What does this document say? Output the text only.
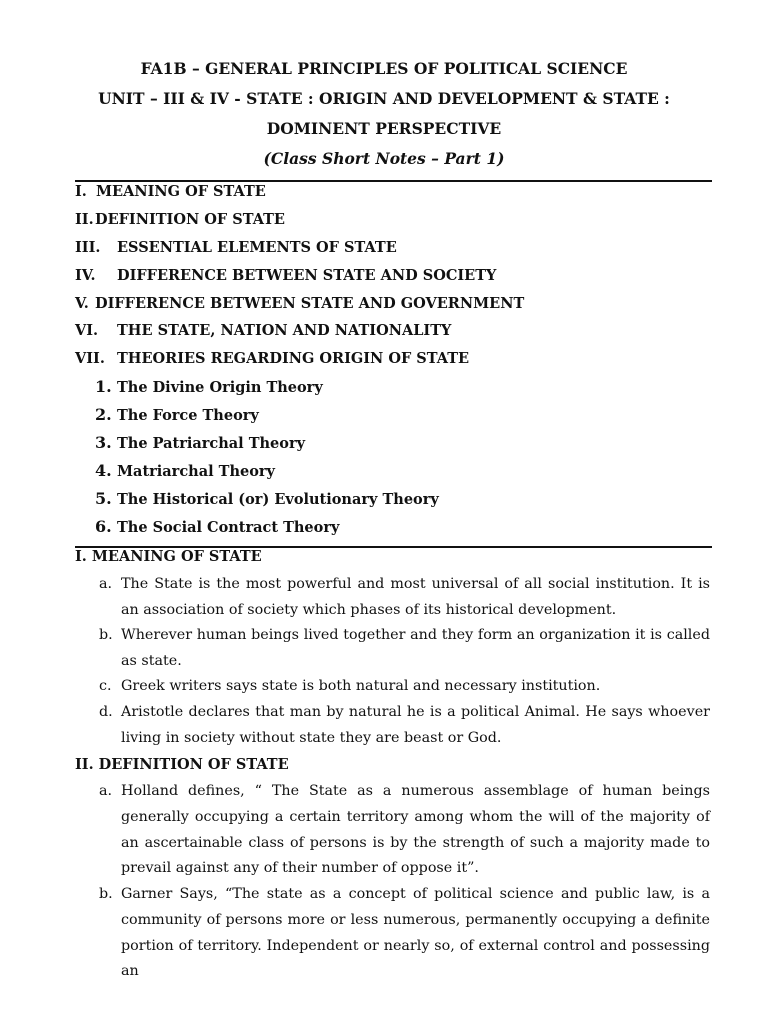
FA1B – GENERAL PRINCIPLES OF POLITICAL SCIENCE
UNIT – III & IV - STATE : ORIGIN AND DEVELOPMENT & STATE :
DOMINENT PERSPECTIVE
(Class Short Notes – Part 1)
I. MEANING OF STATE
II.DEFINITION OF STATE
III. ESSENTIAL ELEMENTS OF STATE
IV. DIFFERENCE BETWEEN STATE AND SOCIETY
V. DIFFERENCE BETWEEN STATE AND GOVERNMENT
VI. THE STATE, NATION AND NATIONALITY
VII. THEORIES REGARDING ORIGIN OF STATE
1. The Divine Origin Theory
2. The Force Theory
3. The Patriarchal Theory
4. Matriarchal Theory
5. The Historical (or) Evolutionary Theory
6. The Social Contract Theory
I. MEANING OF STATE
a. The State is the most powerful and most universal of all social institution. It is an association of society which phases of its historical development.
b. Wherever human beings lived together and they form an organization it is called as state.
c. Greek writers says state is both natural and necessary institution.
d. Aristotle declares that man by natural he is a political Animal. He says whoever living in society without state they are beast or God.
II. DEFINITION OF STATE
a. Holland defines, “ The State as a numerous assemblage of human beings generally occupying a certain territory among whom the will of the majority of an ascertainable class of persons is by the strength of such a majority made to prevail against any of their number of oppose it”.
b. Garner Says, “The state as a concept of political science and public law, is a community of persons more or less numerous, permanently occupying a definite portion of territory. Independent or nearly so, of external control and possessing an
